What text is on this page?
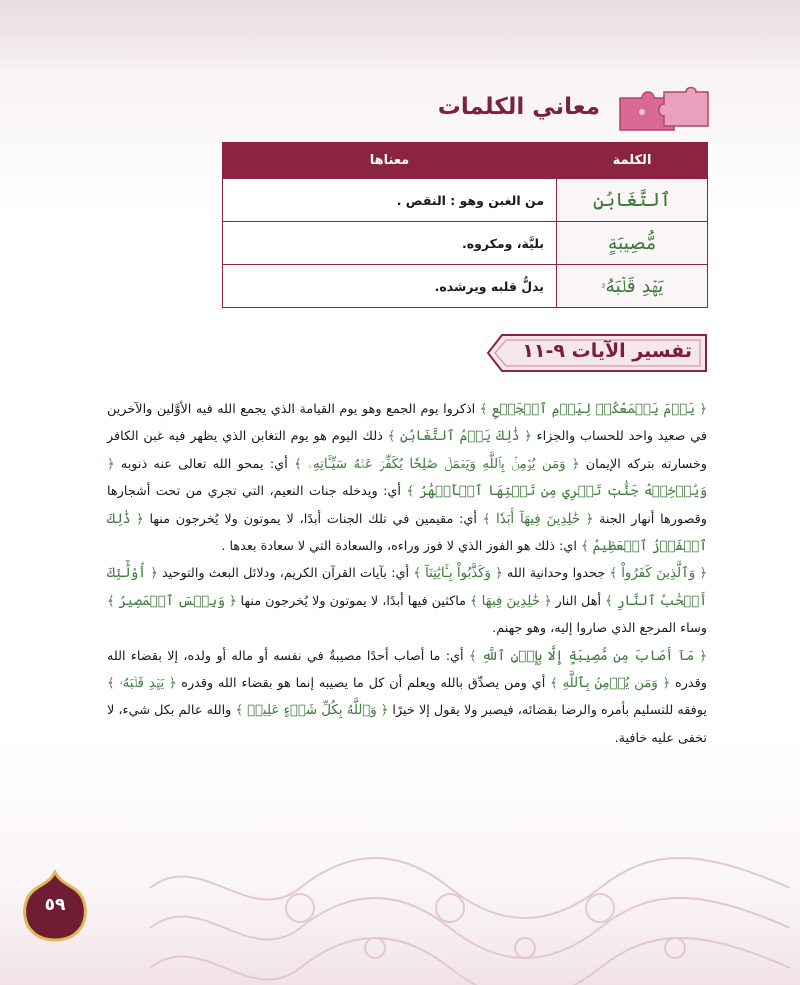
معاني الكلمات
الكلمة	معناها
ٱلتَّغَابُنِ	من الغبن وهو : النقص .
مُّصِيبَةٍ	بليَّة، ومكروه.
يَهۡدِ قَلۡبَهُۥ	يدلُّ قلبه ويرشده.
تفسير الآيات ٩-١١

﴿ يَوۡمَ يَجۡمَعُكُمۡ لِيَوۡمِ ٱلۡجَمۡعِ ﴾ اذكروا يوم الجمع وهو يوم القيامة الذي يجمع الله فيه الأوَّلين والآخرين في صعيد واحد للحساب والجزاء ﴿ ذَٰلِكَ يَوۡمُ ٱلتَّغَابُنِ ﴾ ذلك اليوم هو يوم التغابن الذي يظهر فيه غبن الكافر وخسارته بتركه الإيمان ﴿ وَمَن يُؤۡمِنۢ بِٱللَّهِ وَيَعۡمَلۡ صَٰلِحٗا يُكَفِّرۡ عَنۡهُ سَيِّـَٔاتِهِۦ ﴾ أي: يمحو الله تعالى عنه ذنوبه ﴿ وَيُدۡخِلۡهُ جَنَّٰتٖ تَجۡرِي مِن تَحۡتِهَا ٱلۡأَنۡهَٰرُ ﴾ أي: ويدخله جنات النعيم، التي تجري من تحت أشجارها وقصورها أنهار الجنة ﴿ خَٰلِدِينَ فِيهَآ أَبَدٗا ﴾ أي: مقيمين في تلك الجنات أبدًا، لا يموتون ولا يُخرجون منها ﴿ ذَٰلِكَ ٱلۡفَوۡزُ ٱلۡعَظِيمُ ﴾ اي: ذلك هو الفوز الذي لا فوز وراءه، والسعادة التي لا سعادة بعدها .

﴿ وَٱلَّذِينَ كَفَرُواْ ﴾ جحدوا وحدانية الله ﴿ وَكَذَّبُواْ بِـَٔايَٰتِنَآ ﴾ أي: بآيات القرآن الكريم، ودلائل البعث والتوحيد ﴿ أُوْلَٰٓئِكَ أَصۡحَٰبُ ٱلنَّارِ ﴾ أهل النار ﴿ خَٰلِدِينَ فِيهَا ﴾ ماكثين فيها أبدًا، لا يموتون ولا يُخرجون منها ﴿ وَبِئۡسَ ٱلۡمَصِيرُ ﴾ وساء المرجع الذي صاروا إليه، وهو جهنم.

﴿ مَآ أَصَابَ مِن مُّصِيبَةٍ إِلَّا بِإِذۡنِ ٱللَّهِ ﴾ أي: ما أصاب أحدًا مصيبةٌ في نفسه أو ماله أو ولده، إلا بقضاء الله وقدره ﴿ وَمَن يُؤۡمِنۢ بِٱللَّهِ ﴾ أي ومن يصدِّق بالله ويعلم أن كل ما يصيبه إنما هو بقضاء الله وقدره ﴿ يَهۡدِ قَلۡبَهُۥ ﴾ يوفقه للتسليم بأمره والرضا بقضائه، فيصبر ولا يقول إلا خيرًا ﴿ وَٱللَّهُ بِكُلِّ شَيۡءٍ عَلِيمٞ ﴾ والله عالم بكل شيء، لا تخفى عليه خافية.

٥٩
